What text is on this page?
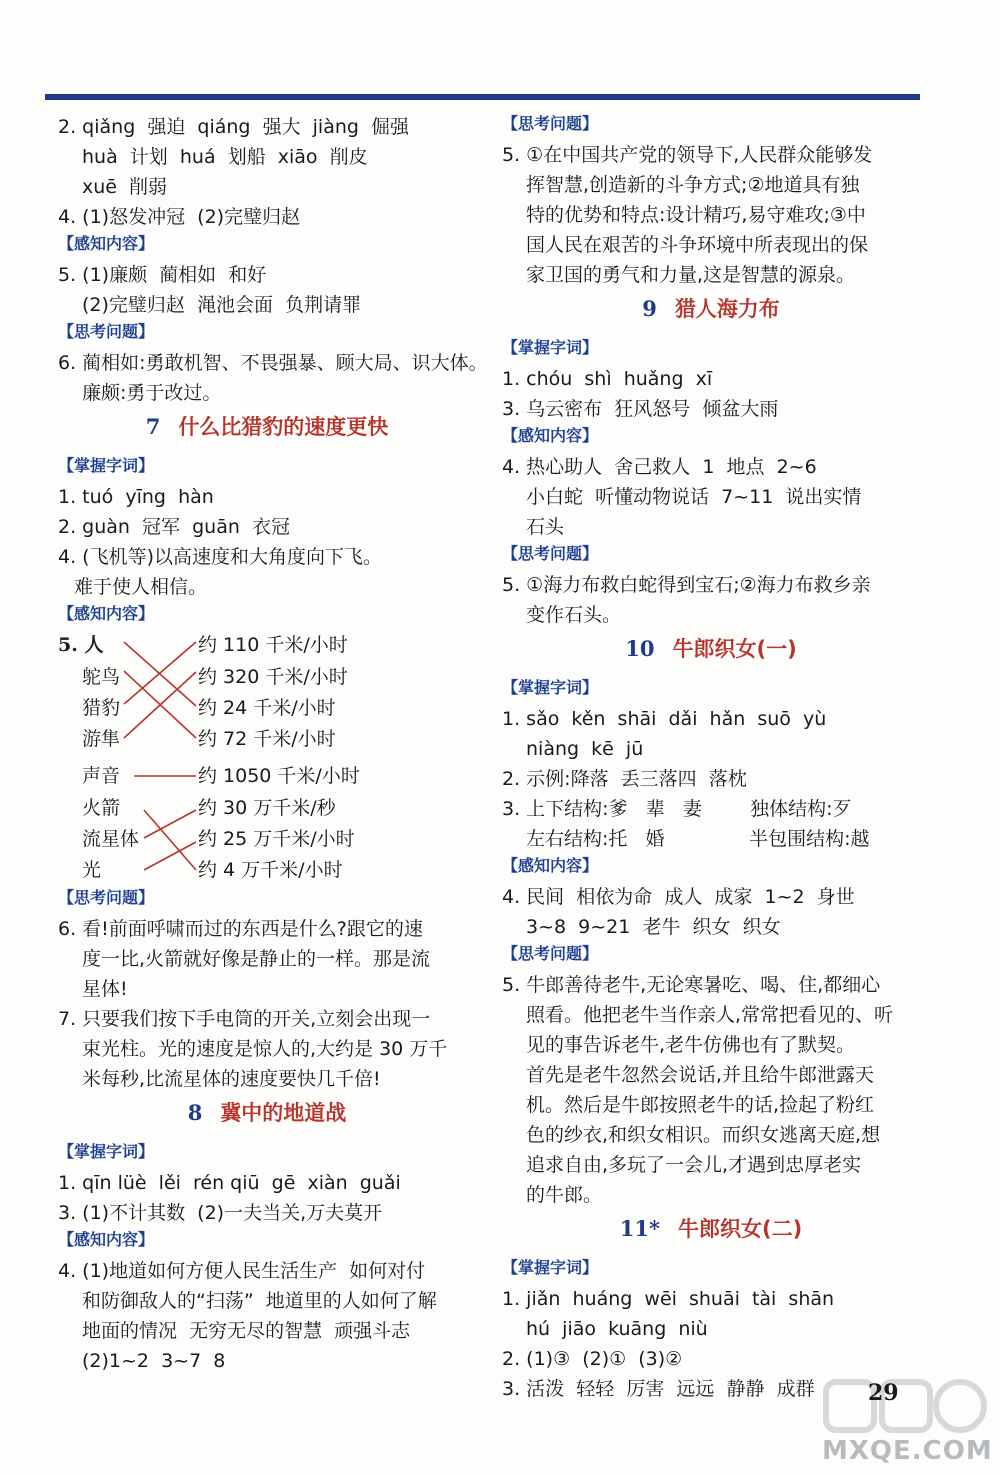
2. qiǎng  强迫  qiáng  强大  jiàng  倔强
huà  计划  huá  划船  xiāo  削皮
xuē  削弱
4. (1)怒发冲冠  (2)完璧归赵
【感知内容】
5. (1)廉颇  蔺相如  和好
(2)完璧归赵  渑池会面  负荆请罪
【思考问题】
6. 蔺相如:勇敢机智、不畏强暴、顾大局、识大体。
廉颇:勇于改过。
7 什么比猎豹的速度更快
【掌握字词】
1. tuó  yīng  hàn
2. guàn  冠军  guān  衣冠
4. (飞机等)以高速度和大角度向下飞。
难于使人相信。
【感知内容】
5. 人
鸵鸟
猎豹
游隼
约 110 千米/小时
约 320 千米/小时
约 24 千米/小时
约 72 千米/小时
声音
火箭
流星体
光
约 1050 千米/小时
约 30 万千米/秒
约 25 万千米/小时
约 4 万千米/小时
【思考问题】
6. 看!前面呼啸而过的东西是什么?跟它的速
度一比,火箭就好像是静止的一样。那是流
星体!
7. 只要我们按下手电筒的开关,立刻会出现一
束光柱。光的速度是惊人的,大约是 30 万千
米每秒,比流星体的速度要快几千倍!
8 冀中的地道战
【掌握字词】
1. qīn lüè  lěi  rén qiū  gē  xiàn  guǎi
3. (1)不计其数  (2)一夫当关,万夫莫开
【感知内容】
4. (1)地道如何方便人民生活生产  如何对付
和防御敌人的“扫荡”  地道里的人如何了解
地面的情况  无穷无尽的智慧  顽强斗志
(2)1~2  3~7  8
【思考问题】
5. ①在中国共产党的领导下,人民群众能够发
挥智慧,创造新的斗争方式;②地道具有独
特的优势和特点:设计精巧,易守难攻;③中
国人民在艰苦的斗争环境中所表现出的保
家卫国的勇气和力量,这是智慧的源泉。
9 猎人海力布
【掌握字词】
1. chóu  shì  huǎng  xī
3. 乌云密布  狂风怒号  倾盆大雨
【感知内容】
4. 热心助人  舍己救人  1  地点  2~6
小白蛇  听懂动物说话  7~11  说出实情
石头
【思考问题】
5. ①海力布救白蛇得到宝石;②海力布救乡亲
变作石头。
10 牛郎织女(一)
【掌握字词】
1. sǎo  kěn  shāi  dǎi  hǎn  suō  yù
niàng  kē  jū
2. 示例:降落  丢三落四  落枕
3. 上下结构:爹   辈   妻        独体结构:歹
左右结构:托   婚              半包围结构:越
【感知内容】
4. 民间  相依为命  成人  成家  1~2  身世
3~8  9~21  老牛  织女  织女
【思考问题】
5. 牛郎善待老牛,无论寒暑吃、喝、住,都细心
照看。他把老牛当作亲人,常常把看见的、听
见的事告诉老牛,老牛仿佛也有了默契。
首先是老牛忽然会说话,并且给牛郎泄露天
机。然后是牛郎按照老牛的话,捡起了粉红
色的纱衣,和织女相识。而织女逃离天庭,想
追求自由,多玩了一会儿,才遇到忠厚老实
的牛郎。
11* 牛郎织女(二)
【掌握字词】
1. jiǎn  huáng  wēi  shuāi  tài  shān
hú  jiāo  kuāng  niù
2. (1)③  (2)①  (3)②
3. 活泼  轻轻  厉害  远远  静静  成群	29
MXQE.COM
